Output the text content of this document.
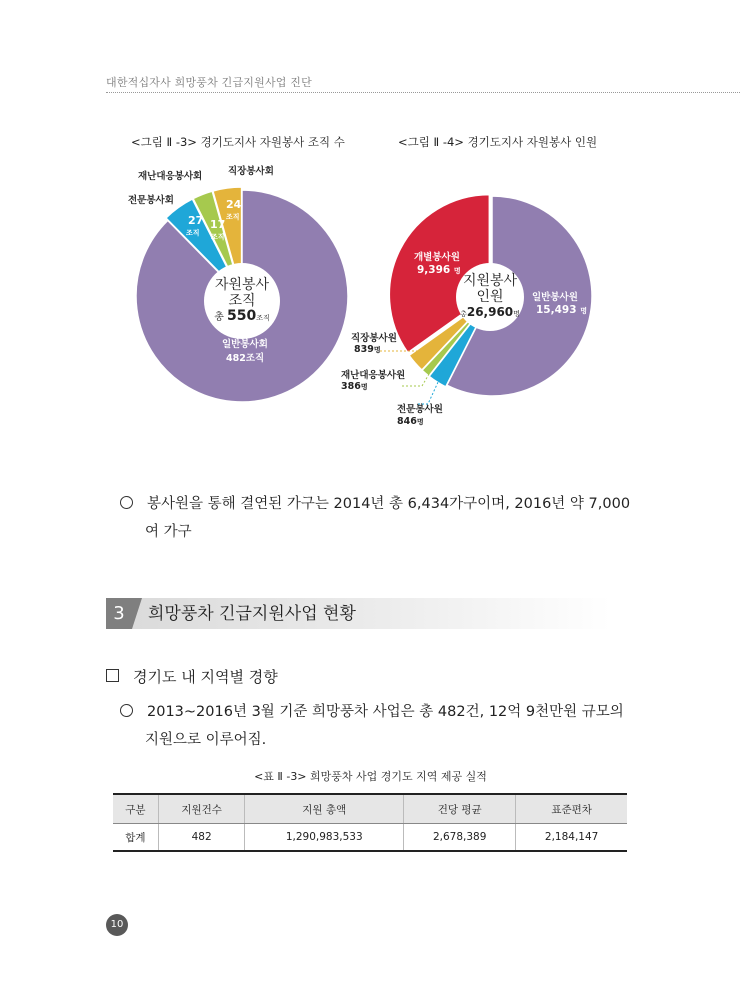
대한적십자사 희망풍차 긴급지원사업 진단
<그림 Ⅱ -3> 경기도지사 자원봉사 조직 수
자원봉사
조직
총 550조직
일반봉사회
482조직
전문봉사회
27
조직
재난대응봉사회
17
조직
직장봉사회
24
조직
<그림 Ⅱ -4> 경기도지사 자원봉사 인원
지원봉사
인원
총26,960명
일반봉사원
15,493 명
개별봉사원
9,396 명
직장봉사원
839명
재난대응봉사원
386명
전문봉사원
846명
봉사원을 통해 결연된 가구는 2014년 총 6,434가구이며, 2016년 약 7,000
여 가구
3	희망풍차 긴급지원사업 현황
경기도 내 지역별 경향
2013~2016년 3월 기준 희망풍차 사업은 총 482건, 12억 9천만원 규모의
지원으로 이루어짐.
<표 Ⅱ -3> 희망풍차 사업 경기도 지역 제공 실적
구분	지원건수	지원 총액	건당 평균	표준편차
합계	482	1,290,983,533	2,678,389	2,184,147
10
